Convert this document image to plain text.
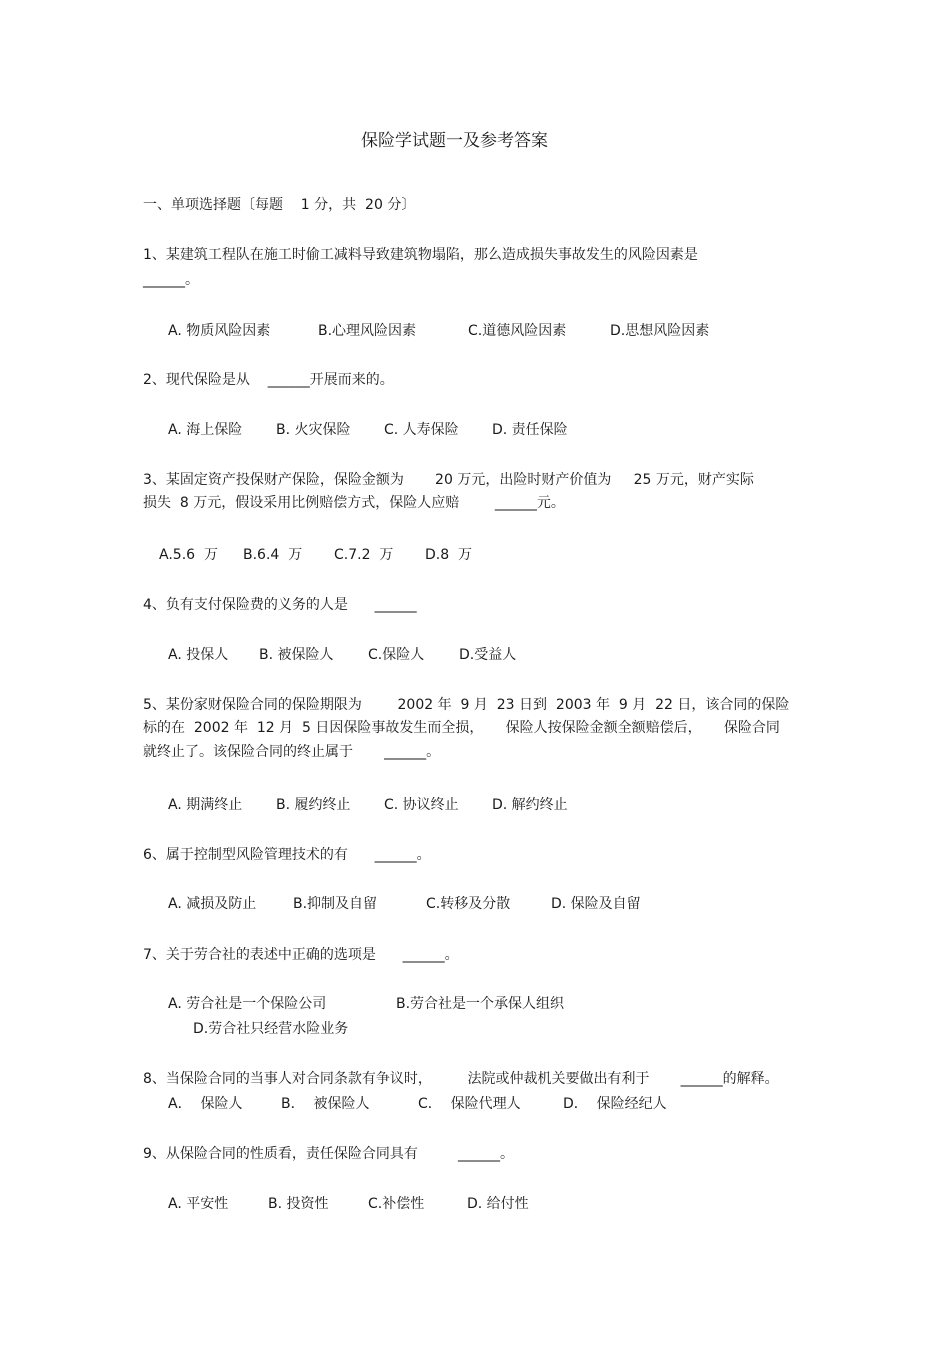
保险学试题一及参考答案
一、单项选择题〔每题    1 分，共  20 分〕
1、某建筑工程队在施工时偷工减料导致建筑物塌陷，那么造成损失事故发生的风险因素是
______。
A. 物质风险因素	B.心理风险因素	C.道德风险因素	D.思想风险因素
2、现代保险是从    ______开展而来的。
A. 海上保险 B. 火灾保险 C. 人寿保险 D. 责任保险
3、某固定资产投保财产保险，保险金额为       20 万元，出险时财产价值为     25 万元，财产实际
损失  8 万元，假设采用比例赔偿方式，保险人应赔        ______元。
A.5.6  万 B.6.4  万 C.7.2  万 D.8  万
4、负有支付保险费的义务的人是      ______
A. 投保人 B. 被保险人 C.保险人 D.受益人
5、某份家财保险合同的保险期限为        2002 年  9 月  23 日到  2003 年  9 月  22 日，该合同的保险
标的在  2002 年  12 月  5 日因保险事故发生而全损，     保险人按保险金额全额赔偿后，     保险合同
就终止了。该保险合同的终止属于       ______。
A. 期满终止 B. 履约终止 C. 协议终止 D. 解约终止
6、属于控制型风险管理技术的有      ______。
A. 减损及防止	B.抑制及自留	C.转移及分散	D. 保险及自留
7、关于劳合社的表述中正确的选项是      ______。
A. 劳合社是一个保险公司	B.劳合社是一个承保人组织
D.劳合社只经营水险业务
8、当保险合同的当事人对合同条款有争议时，        法院或仲裁机关要做出有利于       ______的解释。
A．  保险人	B．  被保险人	C．  保险代理人	D．  保险经纪人
9、从保险合同的性质看，责任保险合同具有         ______。
A. 平安性	B. 投资性	C.补偿性	D. 给付性
